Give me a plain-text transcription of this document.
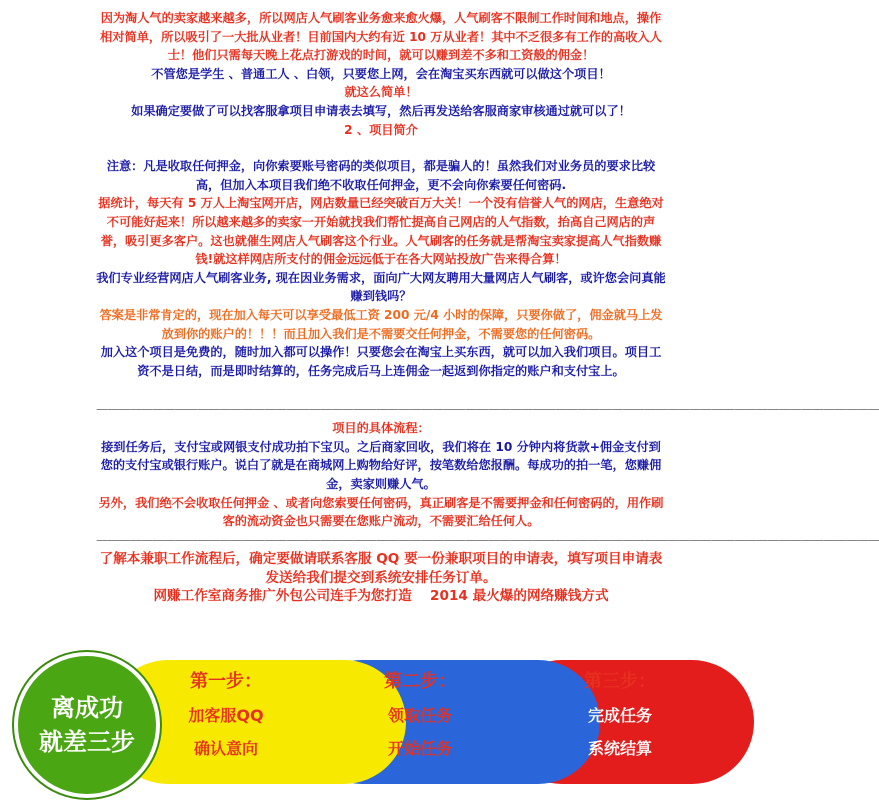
因为淘人气的卖家越来越多，所以网店人气刷客业务愈来愈火爆，人气刷客不限制工作时间和地点，操作相对简单，所以吸引了一大批从业者！目前国内大约有近 10 万从业者！其中不乏很多有工作的高收入人士！他们只需每天晚上花点打游戏的时间，就可以赚到差不多和工资般的佣金！

不管您是学生 、普通工人 、白领，只要您上网，会在淘宝买东西就可以做这个项目！

就这么简单！

如果确定要做了可以找客服拿项目申请表去填写，然后再发送给客服商家审核通过就可以了！

2 、项目简介

注意：凡是收取任何押金，向你索要账号密码的类似项目，都是骗人的！虽然我们对业务员的要求比较高，但加入本项目我们绝不收取任何押金，更不会向你索要任何密码.

据统计，每天有 5 万人上淘宝网开店，网店数量已经突破百万大关！一个没有信誉人气的网店，生意绝对不可能好起来！所以越来越多的卖家一开始就找我们帮忙提高自己网店的人气指数，抬高自己网店的声誉，吸引更多客户。这也就催生网店人气刷客这个行业。人气刷客的任务就是帮淘宝卖家提高人气指数赚钱!就这样网店所支付的佣金远远低于在各大网站投放广告来得合算！

我们专业经营网店人气刷客业务, 现在因业务需求，面向广大网友聘用大量网店人气刷客，或许您会问真能赚到钱吗？

答案是非常肯定的，现在加入每天可以享受最低工资 200 元/4 小时的保障，只要你做了，佣金就马上发放到你的账户的！！！而且加入我们是不需要交任何押金，不需要您的任何密码。

加入这个项目是免费的，随时加入都可以操作！只要您会在淘宝上买东西，就可以加入我们项目。项目工资不是日结，而是即时结算的，任务完成后马上连佣金一起返到你指定的账户和支付宝上。

——————————————————————————————————————————————————————————————————————

项目的具体流程：

接到任务后，支付宝或网银支付成功拍下宝贝。之后商家回收，我们将在 10 分钟内将货款+佣金支付到您的支付宝或银行账户。说白了就是在商城网上购物给好评，按笔数给您报酬。每成功的拍一笔，您赚佣金，卖家则赚人气。

另外，我们绝不会收取任何押金 、或者向您索要任何密码，真正刷客是不需要押金和任何密码的，用作刷客的流动资金也只需要在您账户流动，不需要汇给任何人。

——————————————————————————————————————————————————————————————————————

了解本兼职工作流程后，确定要做请联系客服 QQ 要一份兼职项目的申请表，填写项目申请表发送给我们提交到系统安排任务订单。

网赚工作室商务推广外包公司连手为您打造　 2014 最火爆的网络赚钱方式

离成功
就差三步
第一步：
加客服QQ
确认意向
第二步：
领取任务
开始任务
第三步：
完成任务
系统结算
